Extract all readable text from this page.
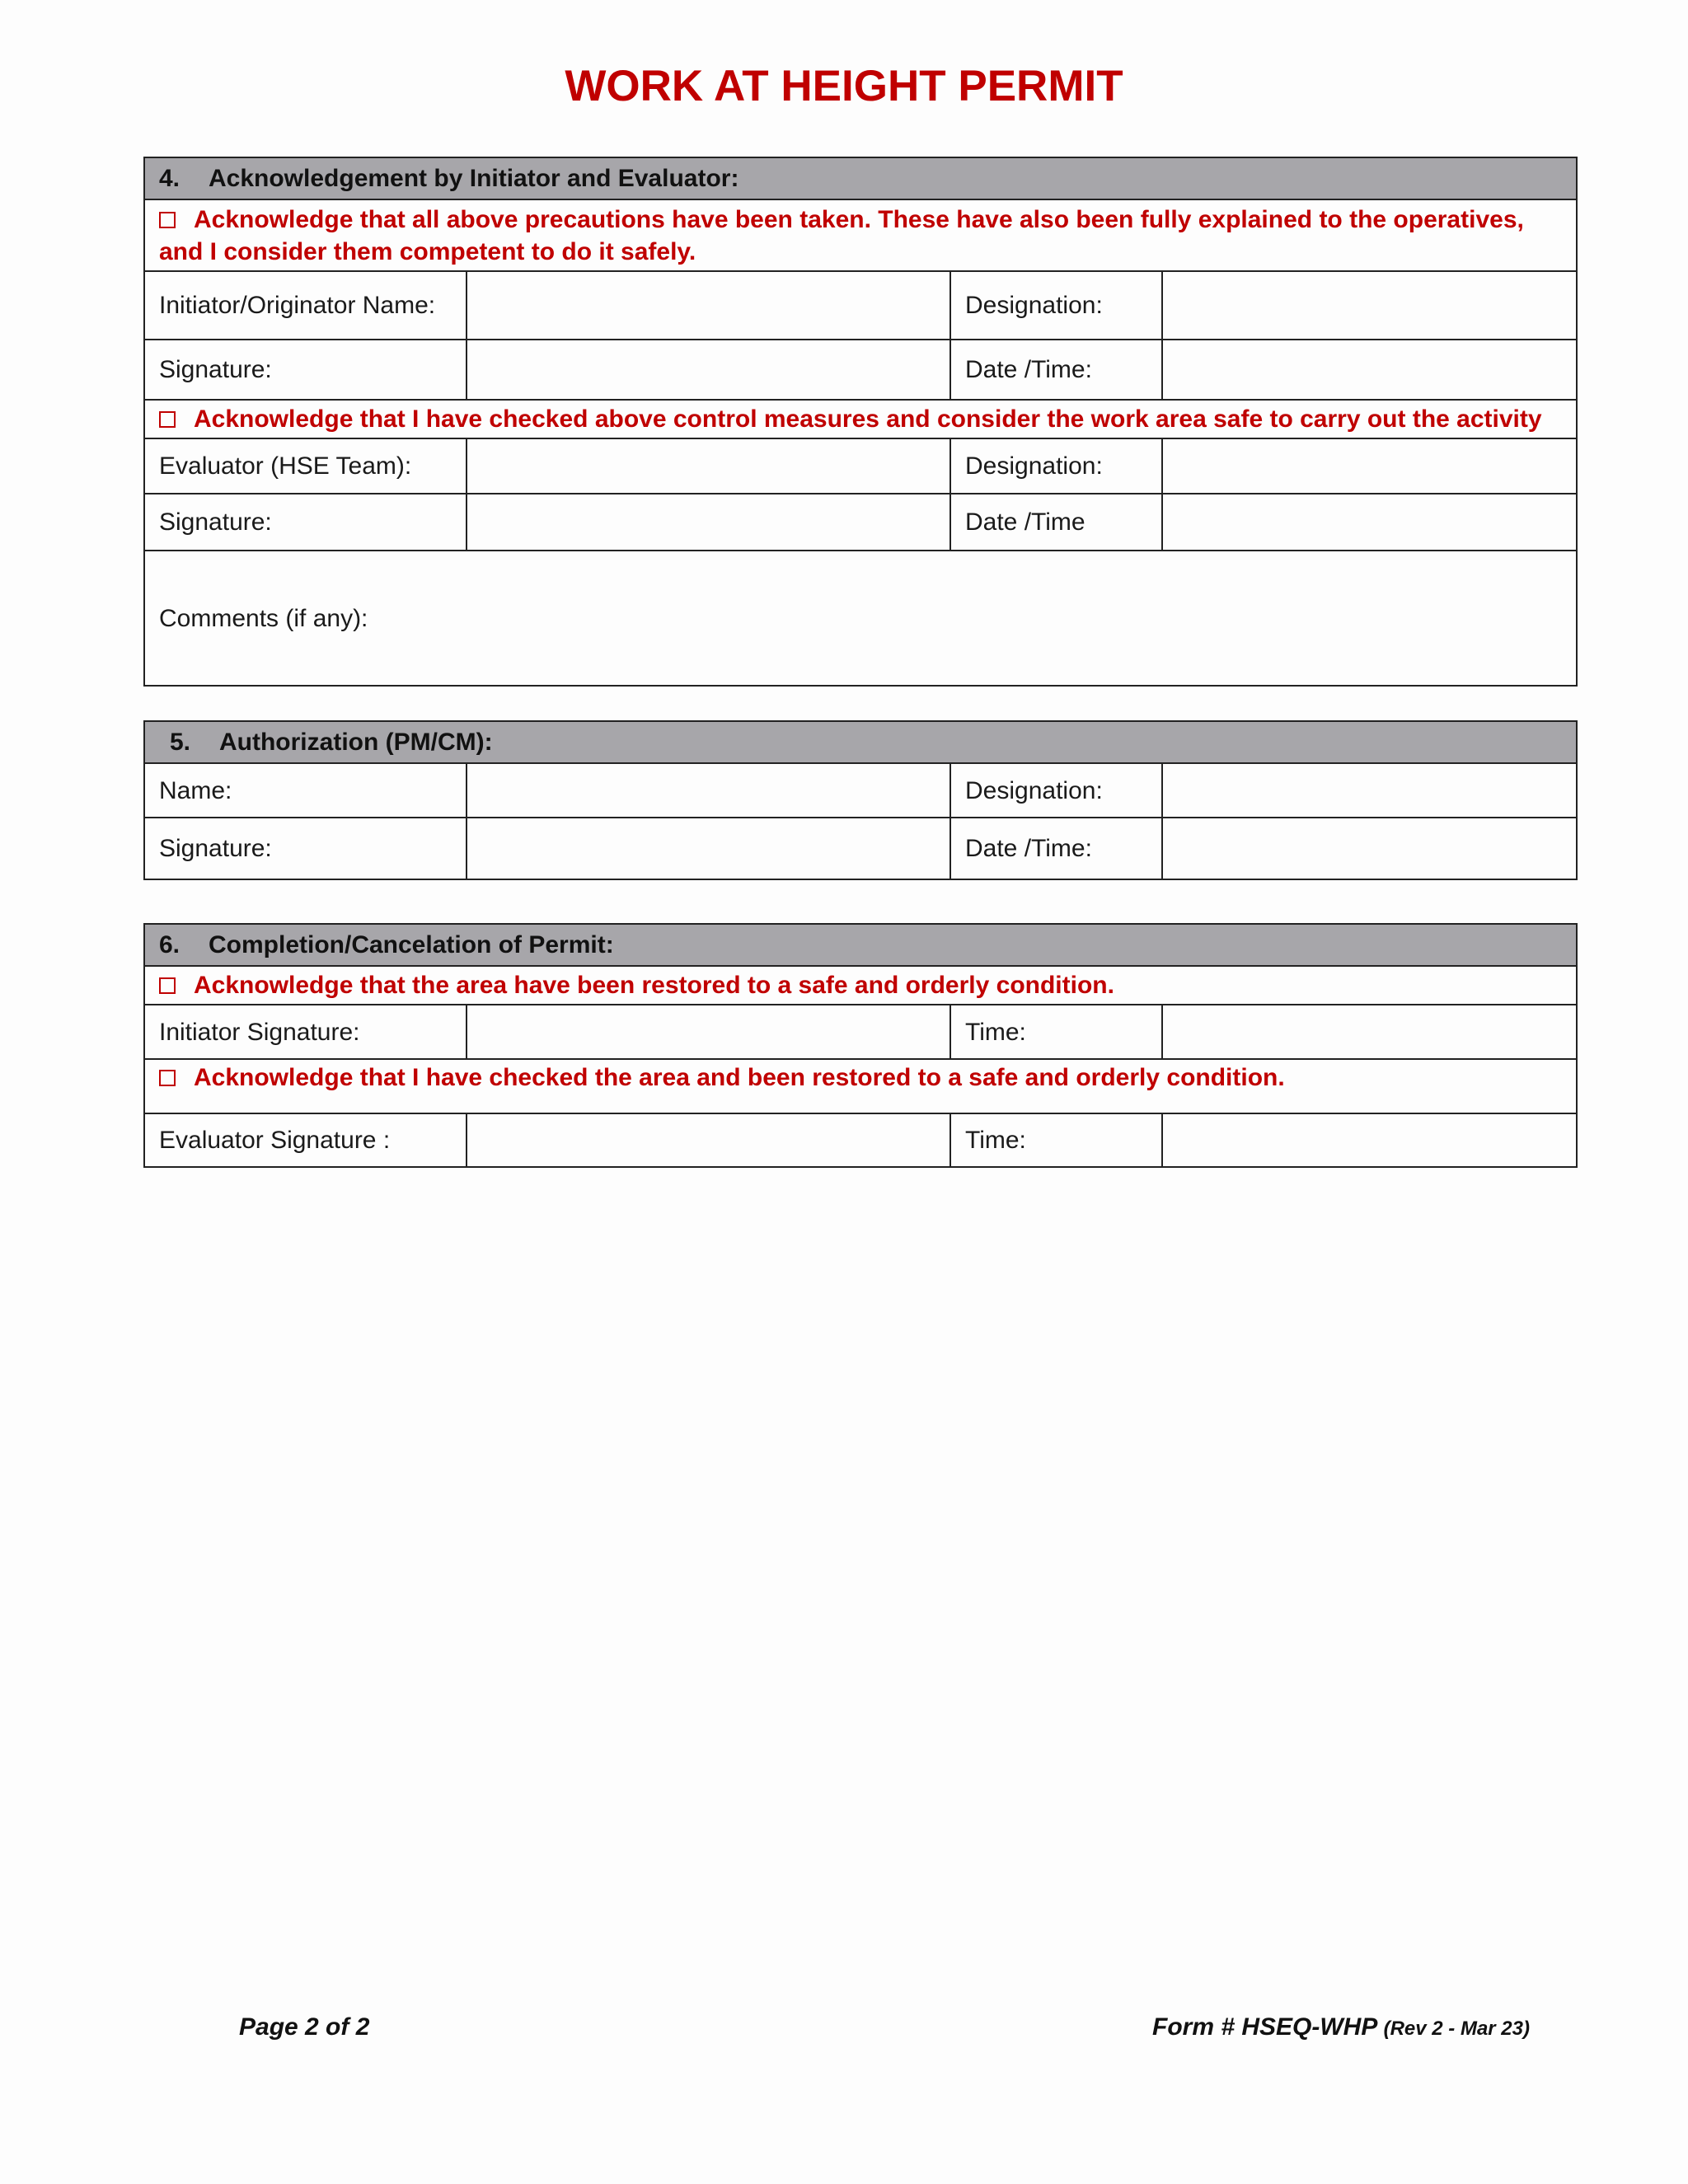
WORK AT HEIGHT PERMIT
4. Acknowledgement by Initiator and Evaluator:			
Acknowledge that all above precautions have been taken. These have also been fully explained to the operatives, and I consider them competent to do it safely.			
Initiator/Originator Name:		Designation:	
Signature:		Date /Time:	
Acknowledge that I have checked above control measures and consider the work area safe to carry out the activity			
Evaluator (HSE Team):		Designation:	
Signature:		Date /Time	
Comments (if any):			
5. Authorization (PM/CM):			
Name:		Designation:	
Signature:		Date /Time:	
6. Completion/Cancelation of Permit:			
Acknowledge that the area have been restored to a safe and orderly condition.			
Initiator Signature:		Time:	
Acknowledge that I have checked the area and been restored to a safe and orderly condition.			
Evaluator Signature :		Time:	
Page 2 of 2	Form # HSEQ-WHP (Rev 2 - Mar 23)
